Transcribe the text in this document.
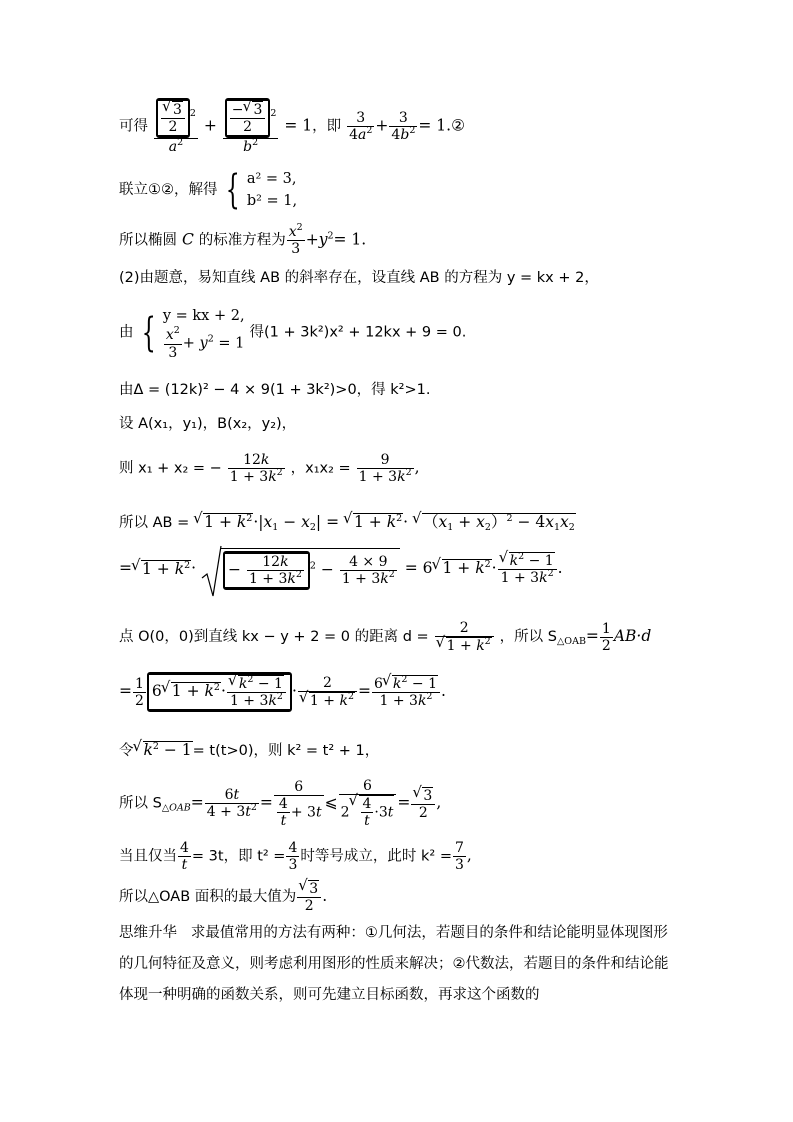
可得
√ $\frac{\frac{3}{2} ^2}{a^2} + \frac{\frac{-√ 3}{2} ^2}{b^2} = 1$，即 $\frac{3}{4a^2} + \frac{3}{4b^2}$ = 1.②
联立①②，解得 { a² = 3,
b² = 1,
所以椭圆 C 的标准方程为 $\frac{x^2}{3} +y^2= 1$.
(2)由题意，易知直线 AB 的斜率存在，设直线 AB 的方程为 y = kx + 2，
由 { y = kx + 2,
$\frac{x^2}{3} + y^2 = 1$
得(1 + 3k²)x² + 12kx + 9 = 0.
由Δ = (12k)² − 4 × 9(1 + 3k²)>0，得 k²>1.
设 A(x₁，y₁)，B(x₂，y₂)，
则 x₁ + x₂ = − $\frac{12k}{1 + 3k^2}$ ，$x_1x_2 = \frac{9}{1 + 3k^2}$ ,
所以 AB = √ $1 + k^2\cdot|x_1 - x_2|$ = √ $1 + k^2\cdot$ √ $(x_1 + x_2)^2 - 4x_1x_2$
=√ $1 + k^2\cdot$
− $\frac{12k}{1 + 3k^2} ^2 - \frac{4 \times 9}{1 + 3k^2} = 6√$ $1 + k^2\cdot$
√ $\frac{k^2 - 1}{1 + 3k^2}$ .
点 O(0，0)到直线 kx − y + 2 = 0 的距离 d = 2
√ $1 + k^2$ ，所以 $S_{\triangle OAB}= \frac{1}{2} AB\cdot d$
= $\frac{1}{2} 6√$ $1 + k^2\cdot$
√ $\frac{k^2 - 1}{1 + 3k^2} \cdot 2$
√ $1 + k^2 = \frac{6√ k^2 - 1}{1 + 3k^2}$ .
令√ $k^2 - 1= t(t>0)$，则 k² = t² + 1，
所以 $S_{\triangle OAB}= \frac{6t}{4 + 3t^2} = \frac{6}{\frac{4}{t} + 3t}$ ⩽ 6
2
√ $\frac{4}{t} \cdot 3t$ =
√ $\frac{3}{2}$ ,
当且仅当 $\frac{4}{t} = 3t$，即 $t^2 = \frac{4}{3}$ 时等号成立，此时 $k^2 = \frac{7}{3}$ ,
所以△OAB 面积的最大值为
√ $\frac{3}{2}$ .
思维升华 求最值常用的方法有两种：①几何法，若题目的条件和结论能明显体现图形的几何特征及意义，则考虑利用图形的性质来解决；②代数法，若题目的条件和结论能体现一种明确的函数关系，则可先建立目标函数，再求这个函数的
